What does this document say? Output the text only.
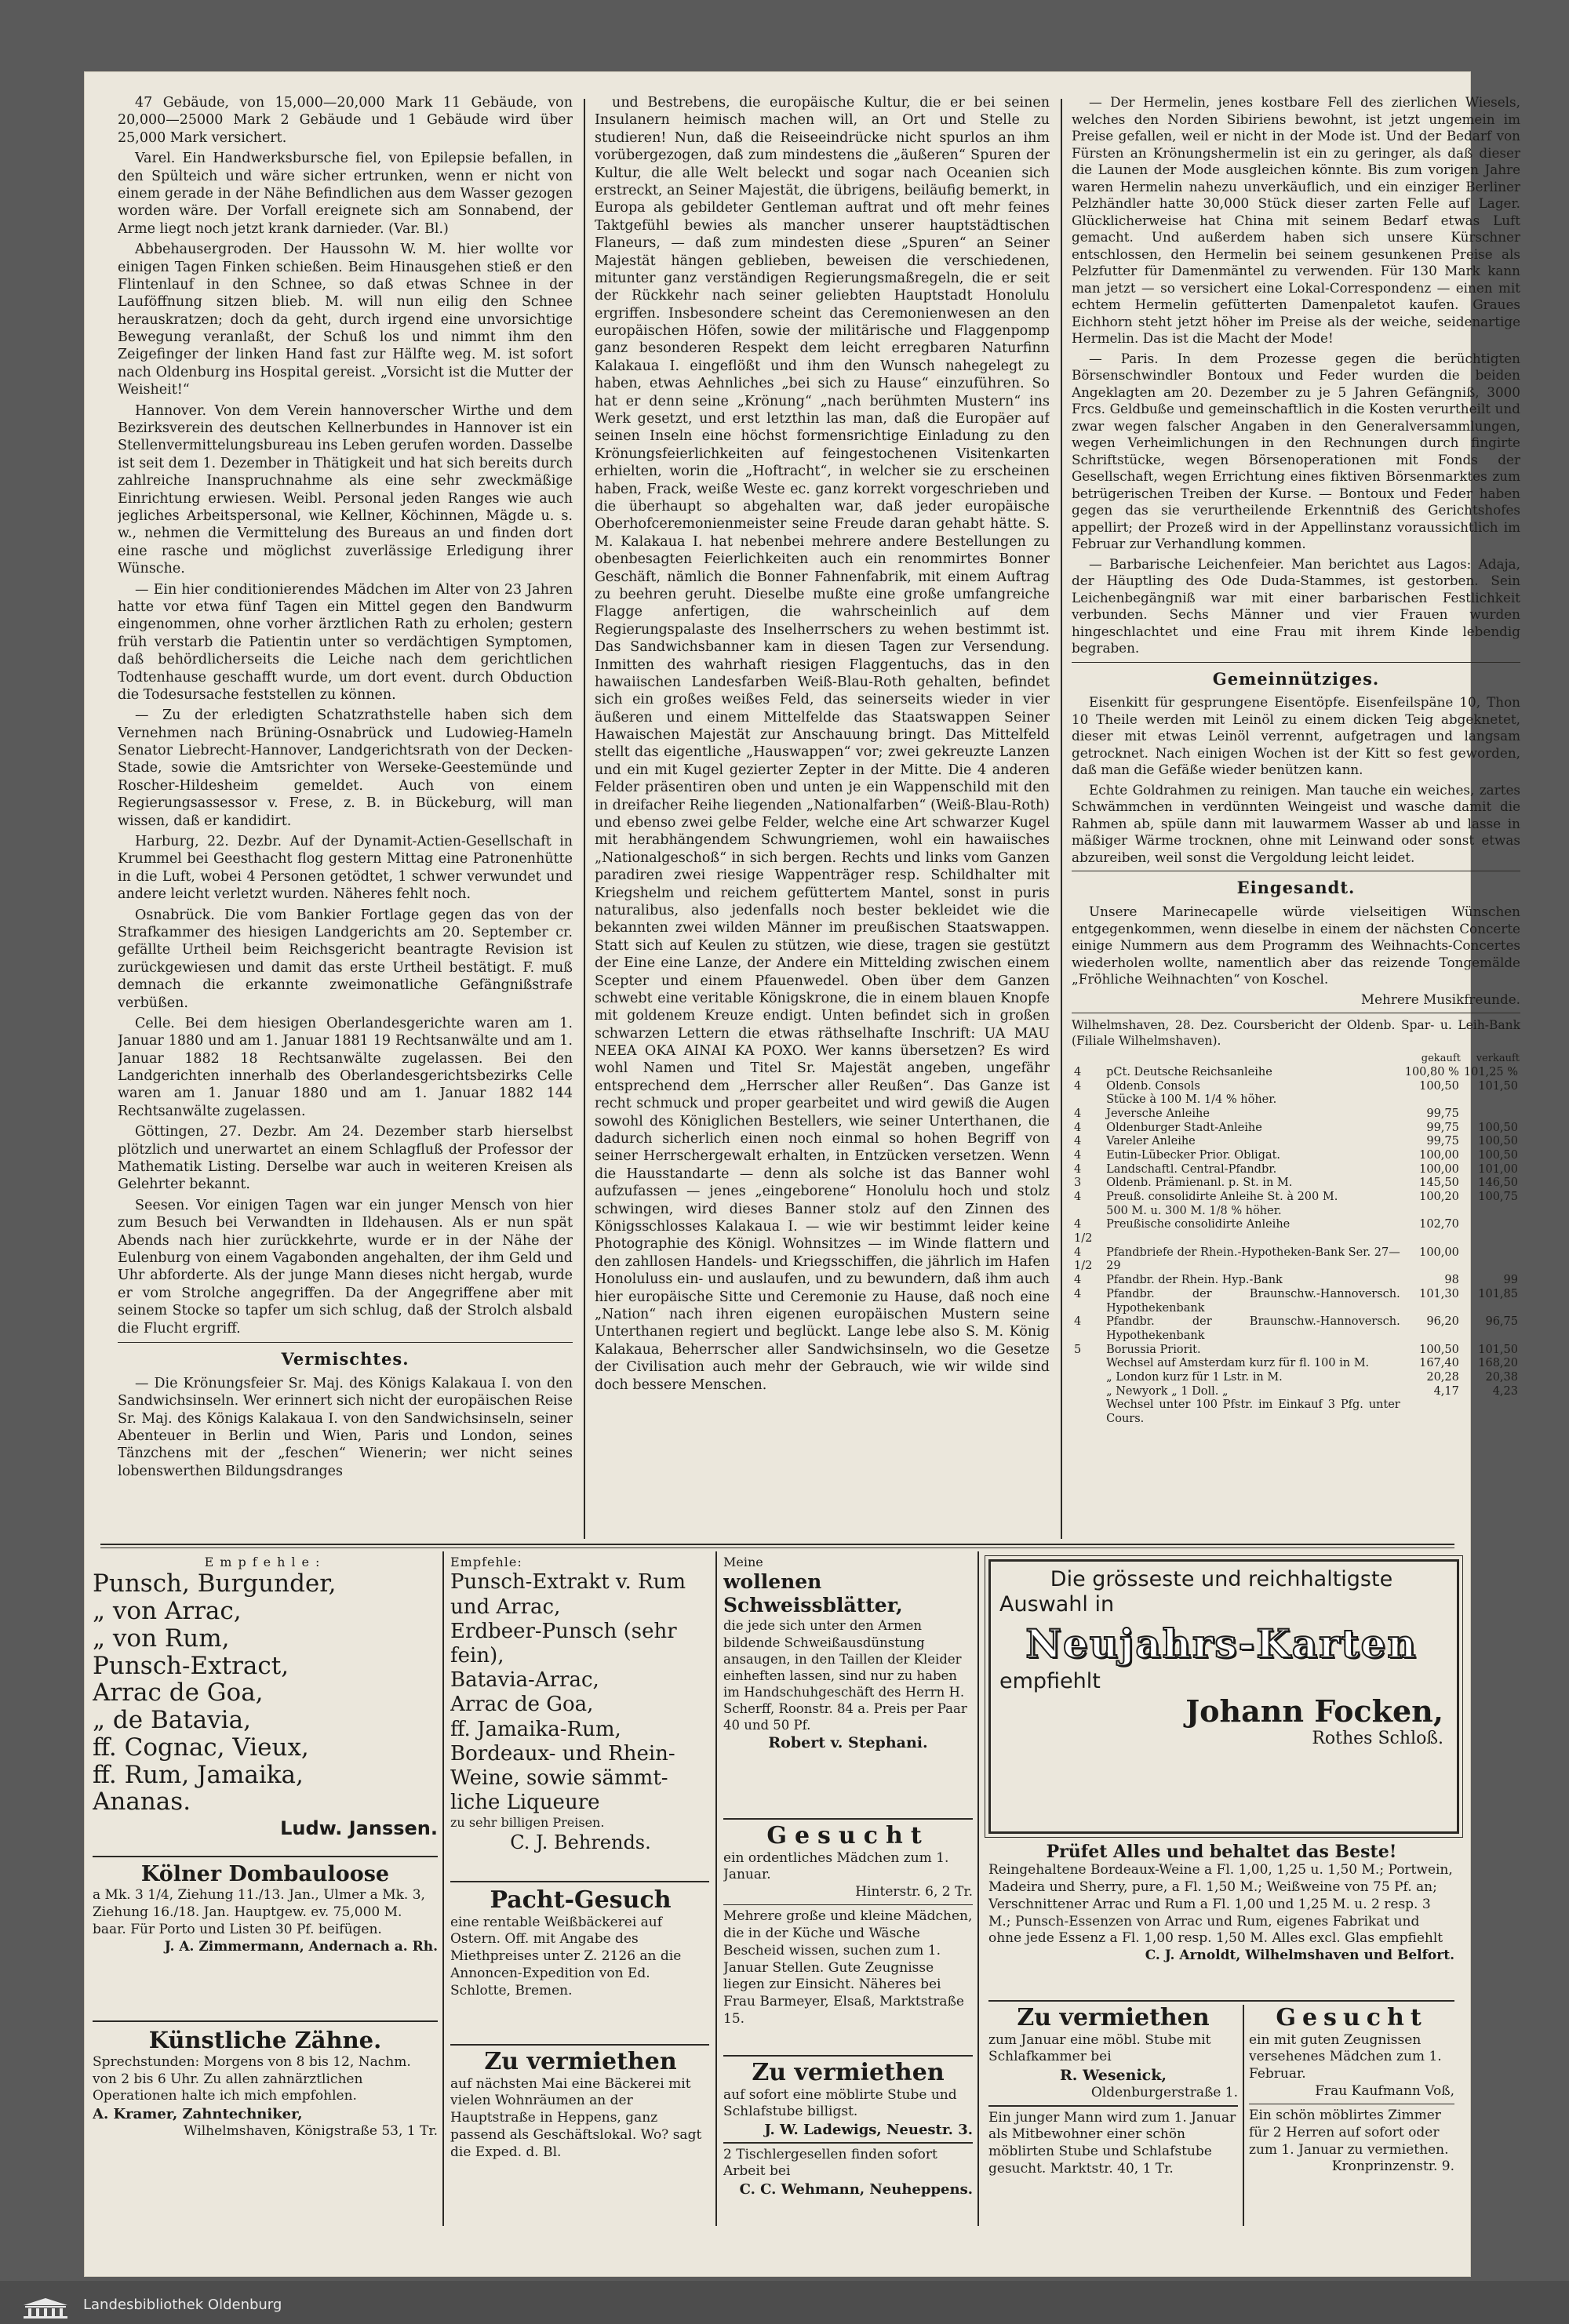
47 Gebäude, von 15,000—20,000 Mark 11 Gebäude, von 20,000—25000 Mark 2 Gebäude und 1 Gebäude wird über 25,000 Mark versichert.

Varel. Ein Handwerksbursche fiel, von Epilepsie befallen, in den Spülteich und wäre sicher ertrunken, wenn er nicht von einem gerade in der Nähe Befindlichen aus dem Wasser gezogen worden wäre. Der Vorfall ereignete sich am Sonnabend, der Arme liegt noch jetzt krank darnieder. (Var. Bl.)

Abbehausergroden. Der Haussohn W. M. hier wollte vor einigen Tagen Finken schießen. Beim Hinausgehen stieß er den Flintenlauf in den Schnee, so daß etwas Schnee in der Lauföffnung sitzen blieb. M. will nun eilig den Schnee herauskratzen; doch da geht, durch irgend eine unvorsichtige Bewegung veranlaßt, der Schuß los und nimmt ihm den Zeigefinger der linken Hand fast zur Hälfte weg. M. ist sofort nach Oldenburg ins Hospital gereist. „Vorsicht ist die Mutter der Weisheit!“

Hannover. Von dem Verein hannoverscher Wirthe und dem Bezirksverein des deutschen Kellnerbundes in Hannover ist ein Stellenvermittelungsbureau ins Leben gerufen worden. Dasselbe ist seit dem 1. Dezember in Thätigkeit und hat sich bereits durch zahlreiche Inanspruchnahme als eine sehr zweckmäßige Einrichtung erwiesen. Weibl. Personal jeden Ranges wie auch jegliches Arbeitspersonal, wie Kellner, Köchinnen, Mägde u. s. w., nehmen die Vermittelung des Bureaus an und finden dort eine rasche und möglichst zuverlässige Erledigung ihrer Wünsche.

— Ein hier conditionierendes Mädchen im Alter von 23 Jahren hatte vor etwa fünf Tagen ein Mittel gegen den Bandwurm eingenommen, ohne vorher ärztlichen Rath zu erholen; gestern früh verstarb die Patientin unter so verdächtigen Symptomen, daß behördlicherseits die Leiche nach dem gerichtlichen Todtenhause geschafft wurde, um dort event. durch Obduction die Todesursache feststellen zu können.

— Zu der erledigten Schatzrathstelle haben sich dem Vernehmen nach Brüning-Osnabrück und Ludowieg-Hameln Senator Liebrecht-Hannover, Landgerichtsrath von der Decken-Stade, sowie die Amtsrichter von Werseke-Geestemünde und Roscher-Hildesheim gemeldet. Auch von einem Regierungsassessor v. Frese, z. B. in Bückeburg, will man wissen, daß er kandidirt.

Harburg, 22. Dezbr. Auf der Dynamit-Actien-Gesellschaft in Krummel bei Geesthacht flog gestern Mittag eine Patronenhütte in die Luft, wobei 4 Personen getödtet, 1 schwer verwundet und andere leicht verletzt wurden. Näheres fehlt noch.

Osnabrück. Die vom Bankier Fortlage gegen das von der Strafkammer des hiesigen Landgerichts am 20. September cr. gefällte Urtheil beim Reichsgericht beantragte Revision ist zurückgewiesen und damit das erste Urtheil bestätigt. F. muß demnach die erkannte zweimonatliche Gefängnißstrafe verbüßen.

Celle. Bei dem hiesigen Oberlandesgerichte waren am 1. Januar 1880 und am 1. Januar 1881 19 Rechtsanwälte und am 1. Januar 1882 18 Rechtsanwälte zugelassen. Bei den Landgerichten innerhalb des Oberlandesgerichtsbezirks Celle waren am 1. Januar 1880 und am 1. Januar 1882 144 Rechtsanwälte zugelassen.

Göttingen, 27. Dezbr. Am 24. Dezember starb hierselbst plötzlich und unerwartet an einem Schlagfluß der Professor der Mathematik Listing. Derselbe war auch in weiteren Kreisen als Gelehrter bekannt.

Seesen. Vor einigen Tagen war ein junger Mensch von hier zum Besuch bei Verwandten in Ildehausen. Als er nun spät Abends nach hier zurückkehrte, wurde er in der Nähe der Eulenburg von einem Vagabonden angehalten, der ihm Geld und Uhr abforderte. Als der junge Mann dieses nicht hergab, wurde er vom Strolche angegriffen. Da der Angegriffene aber mit seinem Stocke so tapfer um sich schlug, daß der Strolch alsbald die Flucht ergriff.

Vermischtes.

— Die Krönungsfeier Sr. Maj. des Königs Kalakaua I. von den Sandwichsinseln. Wer erinnert sich nicht der europäischen Reise Sr. Maj. des Königs Kalakaua I. von den Sandwichsinseln, seiner Abenteuer in Berlin und Wien, Paris und London, seines Tänzchens mit der „feschen“ Wienerin; wer nicht seines lobenswerthen Bildungsdranges

und Bestrebens, die europäische Kultur, die er bei seinen Insulanern heimisch machen will, an Ort und Stelle zu studieren! Nun, daß die Reiseeindrücke nicht spurlos an ihm vorübergezogen, daß zum mindestens die „äußeren“ Spuren der Kultur, die alle Welt beleckt und sogar nach Oceanien sich erstreckt, an Seiner Majestät, die übrigens, beiläufig bemerkt, in Europa als gebildeter Gentleman auftrat und oft mehr feines Taktgefühl bewies als mancher unserer hauptstädtischen Flaneurs, — daß zum mindesten diese „Spuren“ an Seiner Majestät hängen geblieben, beweisen die verschiedenen, mitunter ganz verständigen Regierungsmaßregeln, die er seit der Rückkehr nach seiner geliebten Hauptstadt Honolulu ergriffen. Insbesondere scheint das Ceremonienwesen an den europäischen Höfen, sowie der militärische und Flaggenpomp ganz besonderen Respekt dem leicht erregbaren Naturfinn Kalakaua I. eingeflößt und ihm den Wunsch nahegelegt zu haben, etwas Aehnliches „bei sich zu Hause“ einzuführen. So hat er denn seine „Krönung“ „nach berühmten Mustern“ ins Werk gesetzt, und erst letzthin las man, daß die Europäer auf seinen Inseln eine höchst formensrichtige Einladung zu den Krönungsfeierlichkeiten auf feingestochenen Visitenkarten erhielten, worin die „Hoftracht“, in welcher sie zu erscheinen haben, Frack, weiße Weste ec. ganz korrekt vorgeschrieben und die überhaupt so abgehalten war, daß jeder europäische Oberhofceremonienmeister seine Freude daran gehabt hätte. S. M. Kalakaua I. hat nebenbei mehrere andere Bestellungen zu obenbesagten Feierlichkeiten auch ein renommirtes Bonner Geschäft, nämlich die Bonner Fahnenfabrik, mit einem Auftrag zu beehren geruht. Dieselbe mußte eine große umfangreiche Flagge anfertigen, die wahrscheinlich auf dem Regierungspalaste des Inselherrschers zu wehen bestimmt ist. Das Sandwichsbanner kam in diesen Tagen zur Versendung. Inmitten des wahrhaft riesigen Flaggentuchs, das in den hawaiischen Landesfarben Weiß-Blau-Roth gehalten, befindet sich ein großes weißes Feld, das seinerseits wieder in vier äußeren und einem Mittelfelde das Staatswappen Seiner Hawaischen Majestät zur Anschauung bringt. Das Mittelfeld stellt das eigentliche „Hauswappen“ vor; zwei gekreuzte Lanzen und ein mit Kugel gezierter Zepter in der Mitte. Die 4 anderen Felder präsentiren oben und unten je ein Wappenschild mit den in dreifacher Reihe liegenden „Nationalfarben“ (Weiß-Blau-Roth) und ebenso zwei gelbe Felder, welche eine Art schwarzer Kugel mit herabhängendem Schwungriemen, wohl ein hawaiisches „Nationalgeschoß“ in sich bergen. Rechts und links vom Ganzen paradiren zwei riesige Wappenträger resp. Schildhalter mit Kriegshelm und reichem gefüttertem Mantel, sonst in puris naturalibus, also jedenfalls noch bester bekleidet wie die bekannten zwei wilden Männer im preußischen Staatswappen. Statt sich auf Keulen zu stützen, wie diese, tragen sie gestützt der Eine eine Lanze, der Andere ein Mittelding zwischen einem Scepter und einem Pfauenwedel. Oben über dem Ganzen schwebt eine veritable Königskrone, die in einem blauen Knopfe mit goldenem Kreuze endigt. Unten befindet sich in großen schwarzen Lettern die etwas räthselhafte Inschrift: UA MAU NEEA OKA AINAI KA POXO. Wer kanns übersetzen? Es wird wohl Namen und Titel Sr. Majestät angeben, ungefähr entsprechend dem „Herrscher aller Reußen“. Das Ganze ist recht schmuck und proper gearbeitet und wird gewiß die Augen sowohl des Königlichen Bestellers, wie seiner Unterthanen, die dadurch sicherlich einen noch einmal so hohen Begriff von seiner Herrschergewalt erhalten, in Entzücken versetzen. Wenn die Hausstandarte — denn als solche ist das Banner wohl aufzufassen — jenes „eingeborene“ Honolulu hoch und stolz schwingen, wird dieses Banner stolz auf den Zinnen des Königsschlosses Kalakaua I. — wie wir bestimmt leider keine Photographie des Königl. Wohnsitzes — im Winde flattern und den zahllosen Handels- und Kriegsschiffen, die jährlich im Hafen Honoluluss ein- und auslaufen, und zu bewundern, daß ihm auch hier europäische Sitte und Ceremonie zu Hause, daß noch eine „Nation“ nach ihren eigenen europäischen Mustern seine Unterthanen regiert und beglückt. Lange lebe also S. M. König Kalakaua, Beherrscher aller Sandwichsinseln, wo die Gesetze der Civilisation auch mehr der Gebrauch, wie wir wilde sind doch bessere Menschen.

— Der Hermelin, jenes kostbare Fell des zierlichen Wiesels, welches den Norden Sibiriens bewohnt, ist jetzt ungemein im Preise gefallen, weil er nicht in der Mode ist. Und der Bedarf von Fürsten an Krönungshermelin ist ein zu geringer, als daß dieser die Launen der Mode ausgleichen könnte. Bis zum vorigen Jahre waren Hermelin nahezu unverkäuflich, und ein einziger Berliner Pelzhändler hatte 30,000 Stück dieser zarten Felle auf Lager. Glücklicherweise hat China mit seinem Bedarf etwas Luft gemacht. Und außerdem haben sich unsere Kürschner entschlossen, den Hermelin bei seinem gesunkenen Preise als Pelzfutter für Damenmäntel zu verwenden. Für 130 Mark kann man jetzt — so versichert eine Lokal-Correspondenz — einen mit echtem Hermelin gefütterten Damenpaletot kaufen. Graues Eichhorn steht jetzt höher im Preise als der weiche, seidenartige Hermelin. Das ist die Macht der Mode!

— Paris. In dem Prozesse gegen die berüchtigten Börsenschwindler Bontoux und Feder wurden die beiden Angeklagten am 20. Dezember zu je 5 Jahren Gefängniß, 3000 Frcs. Geldbuße und gemeinschaftlich in die Kosten verurtheilt und zwar wegen falscher Angaben in den Generalversammlungen, wegen Verheimlichungen in den Rechnungen durch fingirte Schriftstücke, wegen Börsenoperationen mit Fonds der Gesellschaft, wegen Errichtung eines fiktiven Börsenmarktes zum betrügerischen Treiben der Kurse. — Bontoux und Feder haben gegen das sie verurtheilende Erkenntniß des Gerichtshofes appellirt; der Prozeß wird in der Appellinstanz voraussichtlich im Februar zur Verhandlung kommen.

— Barbarische Leichenfeier. Man berichtet aus Lagos: Adaja, der Häuptling des Ode Duda-Stammes, ist gestorben. Sein Leichenbegängniß war mit einer barbarischen Festlichkeit verbunden. Sechs Männer und vier Frauen wurden hingeschlachtet und eine Frau mit ihrem Kinde lebendig begraben.

Gemeinnütziges.

Eisenkitt für gesprungene Eisentöpfe. Eisenfeilspäne 10, Thon 10 Theile werden mit Leinöl zu einem dicken Teig abgeknetet, dieser mit etwas Leinöl verrennt, aufgetragen und langsam getrocknet. Nach einigen Wochen ist der Kitt so fest geworden, daß man die Gefäße wieder benützen kann.

Echte Goldrahmen zu reinigen. Man tauche ein weiches, zartes Schwämmchen in verdünnten Weingeist und wasche damit die Rahmen ab, spüle dann mit lauwarmem Wasser ab und lasse in mäßiger Wärme trocknen, ohne mit Leinwand oder sonst etwas abzureiben, weil sonst die Vergoldung leicht leidet.

Eingesandt.

Unsere Marinecapelle würde vielseitigen Wünschen entgegenkommen, wenn dieselbe in einem der nächsten Concerte einige Nummern aus dem Programm des Weihnachts-Concertes wiederholen wollte, namentlich aber das reizende Tongemälde „Fröhliche Weihnachten“ von Koschel.

Mehrere Musikfreunde.

Wilhelmshaven, 28. Dez. Coursbericht der Oldenb. Spar- u. Leih-Bank (Filiale Wilhelmshaven).
		gekauft	verkauft
4	pCt. Deutsche Reichsanleihe	100,80 %	101,25 %
4	Oldenb. Consols	100,50	101,50
	Stücke à 100 M. 1/4 % höher.		
4	Jeversche Anleihe	99,75	
4	Oldenburger Stadt-Anleihe	99,75	100,50
4	Vareler Anleihe	99,75	100,50
4	Eutin-Lübecker Prior. Obligat.	100,00	100,50
4	Landschaftl. Central-Pfandbr.	100,00	101,00
3	Oldenb. Prämienanl. p. St. in M.	145,50	146,50
4	Preuß. consolidirte Anleihe St. à 200 M.	100,20	100,75
	500 M. u. 300 M. 1/8 % höher.		
4 1/2	Preußische consolidirte Anleihe	102,70	
4 1/2	Pfandbriefe der Rhein.-Hypotheken-Bank Ser. 27—29	100,00	
4	Pfandbr. der Rhein. Hyp.-Bank	98	99
4	Pfandbr. der Braunschw.-Hannoversch. Hypothekenbank	101,30	101,85
4	Pfandbr. der Braunschw.-Hannoversch. Hypothekenbank	96,20	96,75
5	Borussia Priorit.	100,50	101,50
	Wechsel auf Amsterdam kurz für fl. 100 in M.	167,40	168,20
	„ London kurz für 1 Lstr. in M.	20,28	20,38
	„ Newyork „ 1 Doll. „	4,17	4,23
	Wechsel unter 100 Pfstr. im Einkauf 3 Pfg. unter Cours.		
Empfehle:
Punsch, Burgunder,
„ von Arrac,
„ von Rum,
Punsch-Extract,
Arrac de Goa,
„ de Batavia,
ff. Cognac, Vieux,
ff. Rum, Jamaika,
Ananas.
Ludw. Janssen.
Kölner Dombauloose
a Mk. 3 1/4, Ziehung 11./13. Jan., Ulmer a Mk. 3, Ziehung 16./18. Jan. Hauptgew. ev. 75,000 M. baar. Für Porto und Listen 30 Pf. beifügen.
J. A. Zimmermann, Andernach a. Rh.
Künstliche Zähne.
Sprechstunden: Morgens von 8 bis 12, Nachm. von 2 bis 6 Uhr. Zu allen zahnärztlichen Operationen halte ich mich empfohlen.
A. Kramer, Zahntechniker,
Wilhelmshaven, Königstraße 53, 1 Tr.
Empfehle:
Punsch-Extrakt v. Rum
und Arrac,
Erdbeer-Punsch (sehr
fein),
Batavia-Arrac,
Arrac de Goa,
ff. Jamaika-Rum,
Bordeaux- und Rhein-
Weine, sowie sämmt-
liche Liqueure
zu sehr billigen Preisen.
C. J. Behrends.
Pacht-Gesuch
eine rentable Weißbäckerei auf Ostern. Off. mit Angabe des Miethpreises unter Z. 2126 an die Annoncen-Expedition von Ed. Schlotte, Bremen.
Zu vermiethen
auf nächsten Mai eine Bäckerei mit vielen Wohnräumen an der Hauptstraße in Heppens, ganz passend als Geschäftslokal. Wo? sagt die Exped. d. Bl.
Meine
wollenen Schweissblätter,
die jede sich unter den Armen bildende Schweißausdünstung ansaugen, in den Taillen der Kleider einheften lassen, sind nur zu haben im Handschuhgeschäft des Herrn H. Scherff, Roonstr. 84 a. Preis per Paar 40 und 50 Pf.
Robert v. Stephani.
Gesucht
ein ordentliches Mädchen zum 1. Januar.
Hinterstr. 6, 2 Tr.
Mehrere große und kleine Mädchen, die in der Küche und Wäsche Bescheid wissen, suchen zum 1. Januar Stellen. Gute Zeugnisse liegen zur Einsicht. Näheres bei Frau Barmeyer, Elsaß, Marktstraße 15.
Zu vermiethen
auf sofort eine möblirte Stube und Schlafstube billigst.
J. W. Ladewigs, Neuestr. 3.
2 Tischlergesellen finden sofort Arbeit bei
C. C. Wehmann, Neuheppens.
Die grösseste und reichhaltigste
Auswahl in
Neujahrs-Karten
empfiehlt
Johann Focken,
Rothes Schloß.
Prüfet Alles und behaltet das Beste!
Reingehaltene Bordeaux-Weine a Fl. 1,00, 1,25 u. 1,50 M.; Portwein, Madeira und Sherry, pure, a Fl. 1,50 M.; Weißweine von 75 Pf. an; Verschnittener Arrac und Rum a Fl. 1,00 und 1,25 M. u. 2 resp. 3 M.; Punsch-Essenzen von Arrac und Rum, eigenes Fabrikat und ohne jede Essenz a Fl. 1,00 resp. 1,50 M. Alles excl. Glas empfiehlt
C. J. Arnoldt, Wilhelmshaven und Belfort.
Zu vermiethen
zum Januar eine möbl. Stube mit Schlafkammer bei
R. Wesenick,
Oldenburgerstraße 1.
Ein junger Mann wird zum 1. Januar als Mitbewohner einer schön möblirten Stube und Schlafstube gesucht. Marktstr. 40, 1 Tr.
Gesucht
ein mit guten Zeugnissen versehenes Mädchen zum 1. Februar.
Frau Kaufmann Voß,
Ein schön möblirtes Zimmer für 2 Herren auf sofort oder zum 1. Januar zu vermiethen.
Kronprinzenstr. 9.
Landesbibliothek Oldenburg
